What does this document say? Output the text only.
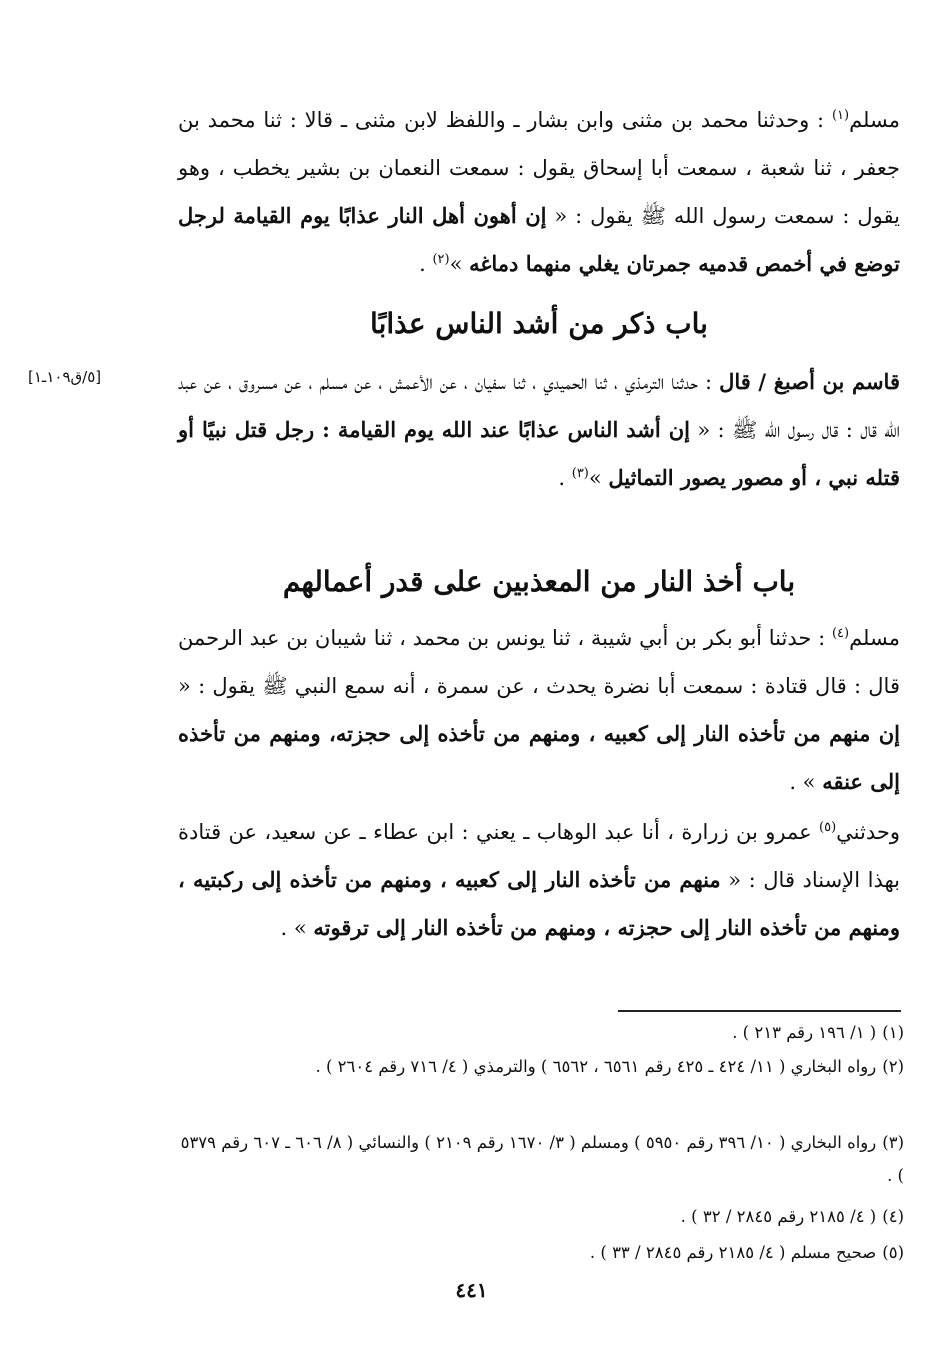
مسلم$^{(١)}$ : وحدثنا محمد بن مثنى وابن بشار ـ واللفظ لابن مثنى ـ قالا : ثنا محمد بن جعفر ، ثنا شعبة ، سمعت أبا إسحاق يقول : سمعت النعمان بن بشير يخطب ، وهو يقول : سمعت رسول الله ﷺ يقول : « إن أهون أهل النار عذابًا يوم القيامة لرجل توضع في أخمص قدميه جمرتان يغلي منهما دماغه »$^{(٢)}$ .

باب ذكر من أشد الناس عذابًا
[٥/ق١٠٩ـ١]	قاسم بن أصبغ / قال : حدثنا الترمذي ، ثنا الحميدي ، ثنا سفيان ، عن الأعمش ، عن مسلم ، عن مسروق ، عن عبد الله قال : قال رسول الله ﷺ : « إن أشد الناس عذابًا عند الله يوم القيامة : رجل قتل نبيًا أو قتله نبي ، أو مصور يصور التماثيل »$^{(٣)}$ .

باب أخذ النار من المعذبين على قدر أعمالهم

مسلم$^{(٤)}$ : حدثنا أبو بكر بن أبي شيبة ، ثنا يونس بن محمد ، ثنا شيبان بن عبد الرحمن قال : قال قتادة : سمعت أبا نضرة يحدث ، عن سمرة ، أنه سمع النبي ﷺ يقول : « إن منهم من تأخذه النار إلى كعبيه ، ومنهم من تأخذه إلى حجزته، ومنهم من تأخذه إلى عنقه » .

وحدثني$^{(٥)}$ عمرو بن زرارة ، أنا عبد الوهاب ـ يعني : ابن عطاء ـ عن سعيد، عن قتادة بهذا الإسناد قال : « منهم من تأخذه النار إلى كعبيه ، ومنهم من تأخذه إلى ركبتيه ، ومنهم من تأخذه النار إلى حجزته ، ومنهم من تأخذه النار إلى ترقوته » .

(١)( ١/ ١٩٦ رقم ٢١٣ ) .

(٢)رواه البخاري ( ١١/ ٤٢٤ ـ ٤٢٥ رقم ٦٥٦١ ، ٦٥٦٢ ) والترمذي ( ٤/ ٧١٦ رقم ٢٦٠٤ ) .

(٣)رواه البخاري ( ١٠/ ٣٩٦ رقم ٥٩٥٠ ) ومسلم ( ٣/ ١٦٧٠ رقم ٢١٠٩ ) والنسائي ( ٨/ ٦٠٦ ـ ٦٠٧ رقم ٥٣٧٩ ) .

(٤)( ٤/ ٢١٨٥ رقم ٢٨٤٥ / ٣٢ ) .

(٥)صحيح مسلم ( ٤/ ٢١٨٥ رقم ٢٨٤٥ / ٣٣ ) .

٤٤١
